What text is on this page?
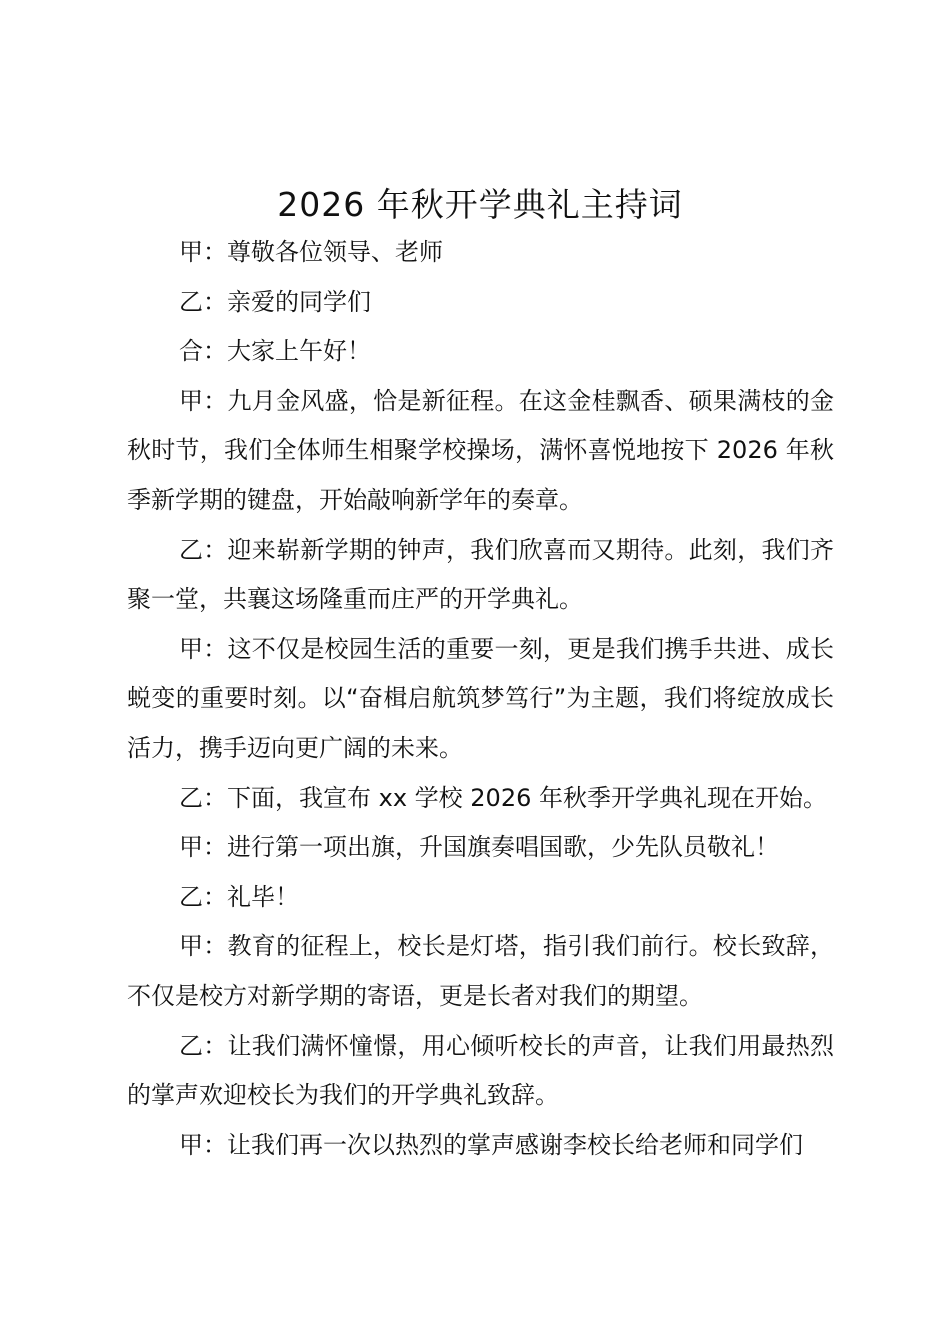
2026 年秋开学典礼主持词

甲：尊敬各位领导、老师

乙：亲爱的同学们

合：大家上午好！

甲：九月金风盛，恰是新征程。在这金桂飘香、硕果满枝的金秋时节，我们全体师生相聚学校操场，满怀喜悦地按下 2026 年秋季新学期的键盘，开始敲响新学年的奏章。

乙：迎来崭新学期的钟声，我们欣喜而又期待。此刻，我们齐聚一堂，共襄这场隆重而庄严的开学典礼。

甲：这不仅是校园生活的重要一刻，更是我们携手共进、成长蜕变的重要时刻。以“奋楫启航筑梦笃行”为主题，我们将绽放成长活力，携手迈向更广阔的未来。

乙：下面，我宣布 xx 学校 2026 年秋季开学典礼现在开始。

甲：进行第一项出旗，升国旗奏唱国歌，少先队员敬礼！

乙：礼毕！

甲：教育的征程上，校长是灯塔，指引我们前行。校长致辞，不仅是校方对新学期的寄语，更是长者对我们的期望。

乙：让我们满怀憧憬，用心倾听校长的声音，让我们用最热烈的掌声欢迎校长为我们的开学典礼致辞。

甲：让我们再一次以热烈的掌声感谢李校长给老师和同学们
